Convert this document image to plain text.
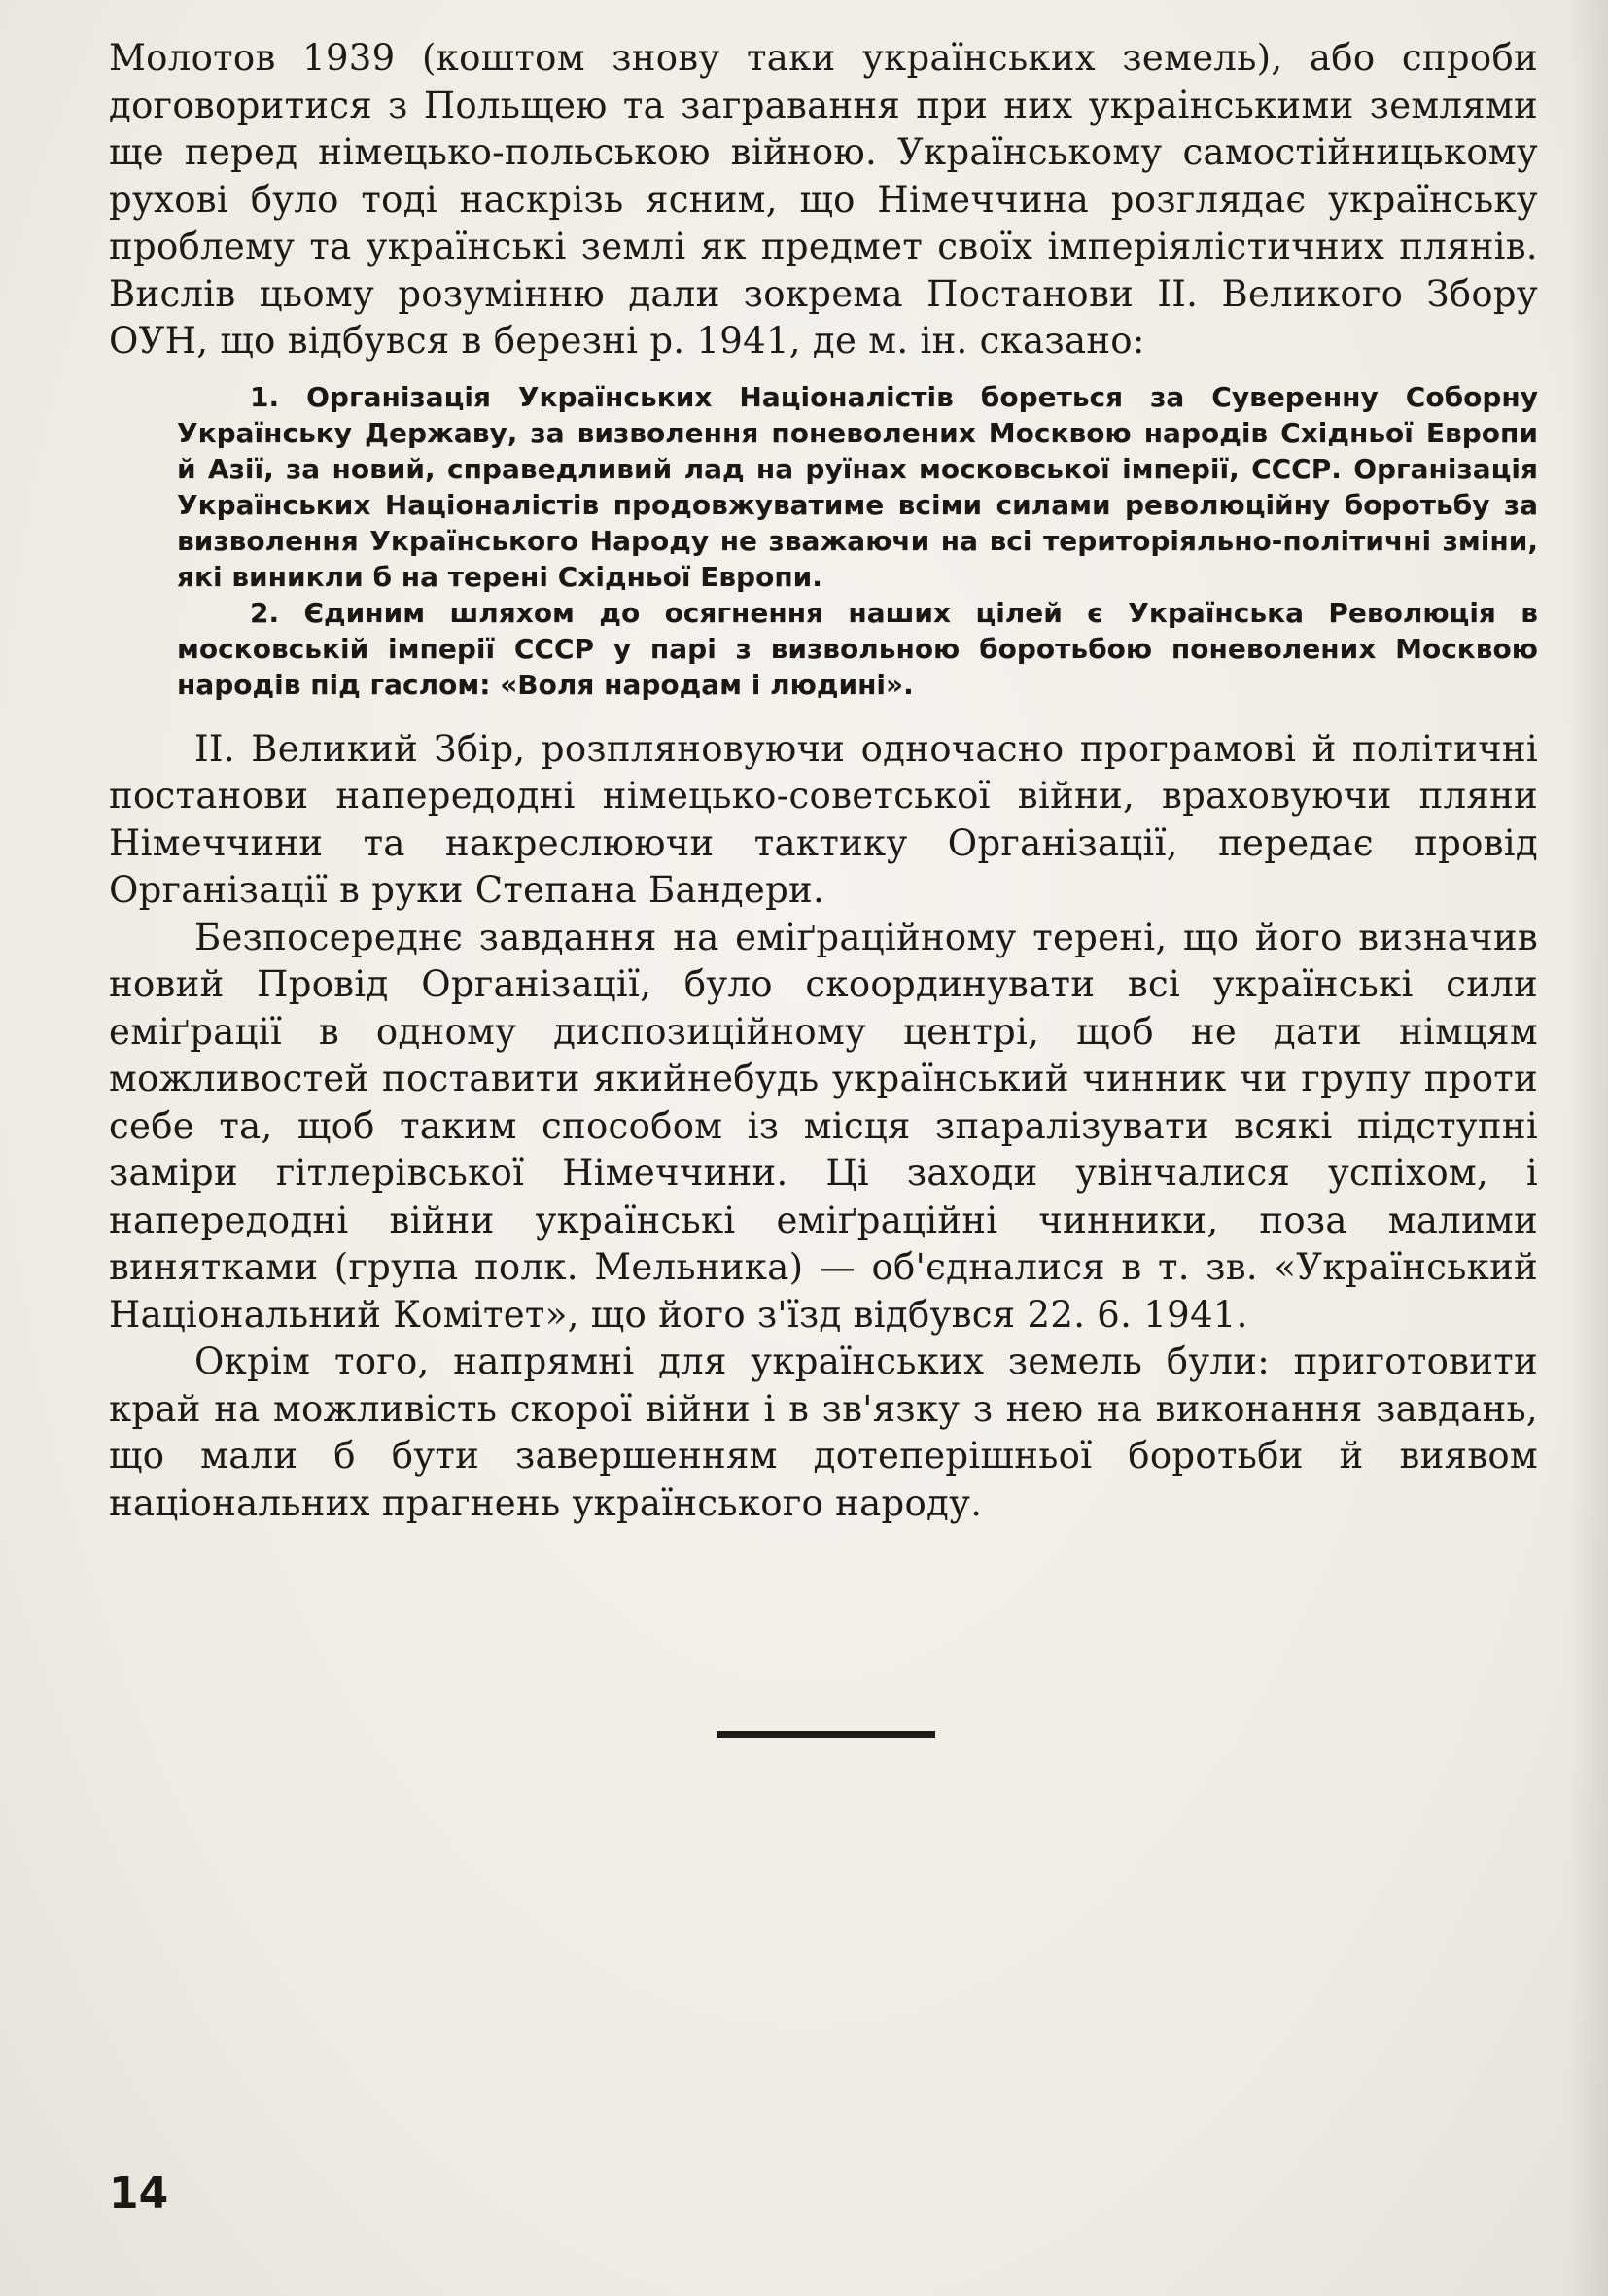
Молотов 1939 (коштом знову таки українських земель), або спроби договоритися з Польщею та загравання при них украі̇нськими землями ще перед німецько-польською війною. Українському самостійницькому рухові було тоді наскрізь ясним, що Німеччина розглядає українську проблему та українські землі як предмет своїх імперіялістичних плянів. Вислів цьому розумінню дали зокрема Постанови II. Великого Збору ОУН, що відбувся в березні р. 1941, де м. ін. сказано:

1. Організація Українських Націоналістів бореться за Суверенну Соборну Українську Державу, за визволення поневолених Москвою народів Східньої Европи й Азії, за новий, справедливий лад на руїнах московської імперії, СССР. Організація Українських Націоналістів продовжуватиме всіми силами революційну боротьбу за визволення Українського Народу не зважаючи на всі територіяльно-політичні зміни, які виникли б на терені Східньої Европи.

2. Єдиним шляхом до осягнення наших цілей є Українська Революція в московській імперії СССР у парі з визвольною боротьбою поневолених Москвою народів під гаслом: «Воля народам і людині».

II. Великий Збір, розпляновуючи одночасно програмові й політичні постанови напередодні німецько-советської війни, враховуючи пляни Німеччини та накреслюючи тактику Організації, передає провід Організації в руки Степана Бандери.

Безпосереднє завдання на еміґраційному терені, що його визначив новий Провід Організації, було скоординувати всі українські сили еміґрації в одному диспозиційному центрі, щоб не дати німцям можливостей поставити якийнебудь український чинник чи групу проти себе та, щоб таким способом із місця зпаралізувати всякі підступні заміри гітлерівської Німеччини. Ці заходи увінчалися успіхом, і напередодні війни українські еміґраційні чинники, поза малими винятками (група полк. Мельника) — об'єдналися в т. зв. «Український Національний Комітет», що його з'їзд відбувся 22. 6. 1941.

Окрім того, напрямні для українських земель були: приготовити край на можливість скорої війни і в зв'язку з нею на виконання завдань, що мали б бути завершенням дотеперішньої боротьби й виявом національних прагнень українського народу.

14
